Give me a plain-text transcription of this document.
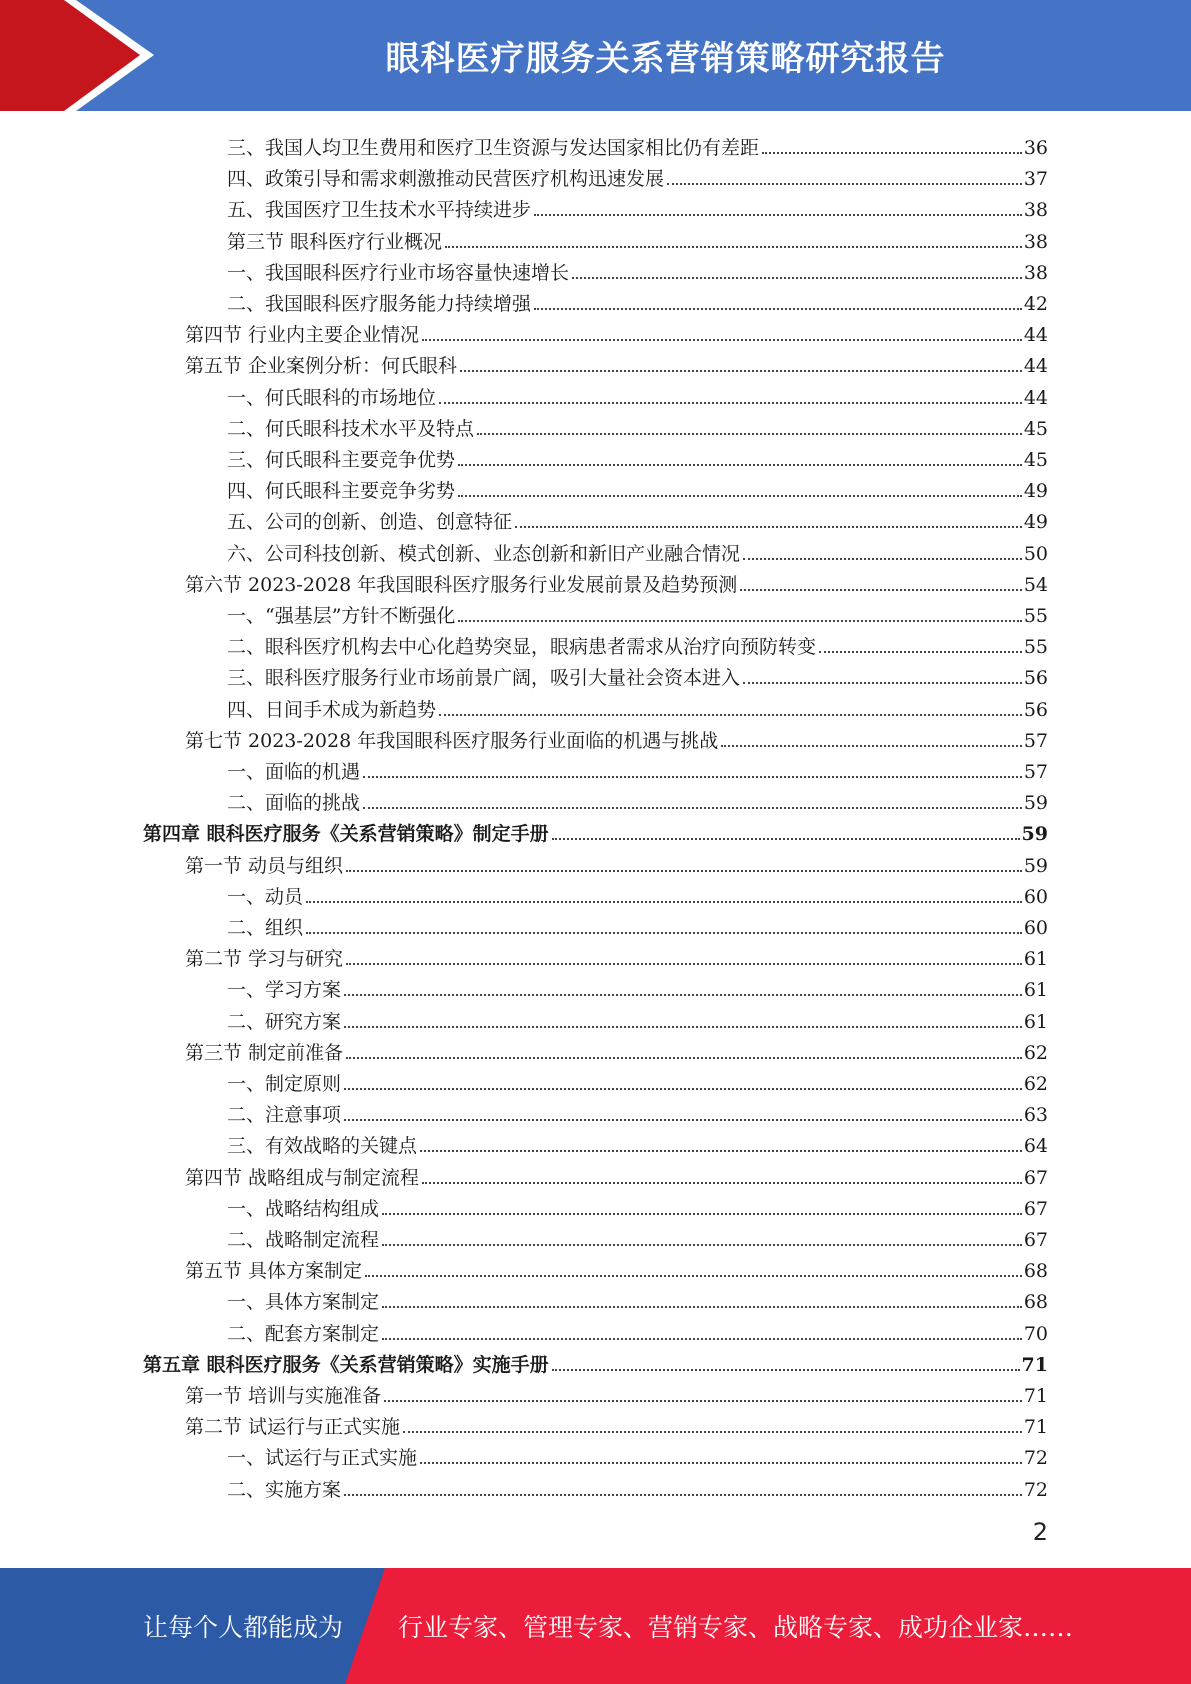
眼科医疗服务关系营销策略研究报告
三、我国人均卫生费用和医疗卫生资源与发达国家相比仍有差距	36
四、政策引导和需求刺激推动民营医疗机构迅速发展	37
五、我国医疗卫生技术水平持续进步	38
第三节 眼科医疗行业概况	38
一、我国眼科医疗行业市场容量快速增长	38
二、我国眼科医疗服务能力持续增强	42
第四节 行业内主要企业情况	44
第五节 企业案例分析：何氏眼科	44
一、何氏眼科的市场地位	44
二、何氏眼科技术水平及特点	45
三、何氏眼科主要竞争优势	45
四、何氏眼科主要竞争劣势	49
五、公司的创新、创造、创意特征	49
六、公司科技创新、模式创新、业态创新和新旧产业融合情况	50
第六节 2023-2028 年我国眼科医疗服务行业发展前景及趋势预测	54
一、“强基层”方针不断强化	55
二、眼科医疗机构去中心化趋势突显，眼病患者需求从治疗向预防转变	55
三、眼科医疗服务行业市场前景广阔，吸引大量社会资本进入	56
四、日间手术成为新趋势	56
第七节 2023-2028 年我国眼科医疗服务行业面临的机遇与挑战	57
一、面临的机遇	57
二、面临的挑战	59
第四章 眼科医疗服务《关系营销策略》制定手册	59
第一节 动员与组织	59
一、动员	60
二、组织	60
第二节 学习与研究	61
一、学习方案	61
二、研究方案	61
第三节 制定前准备	62
一、制定原则	62
二、注意事项	63
三、有效战略的关键点	64
第四节 战略组成与制定流程	67
一、战略结构组成	67
二、战略制定流程	67
第五节 具体方案制定	68
一、具体方案制定	68
二、配套方案制定	70
第五章 眼科医疗服务《关系营销策略》实施手册	71
第一节 培训与实施准备	71
第二节 试运行与正式实施	71
一、试运行与正式实施	72
二、实施方案	72
2
让每个人都能成为 行业专家、管理专家、营销专家、战略专家、成功企业家……
